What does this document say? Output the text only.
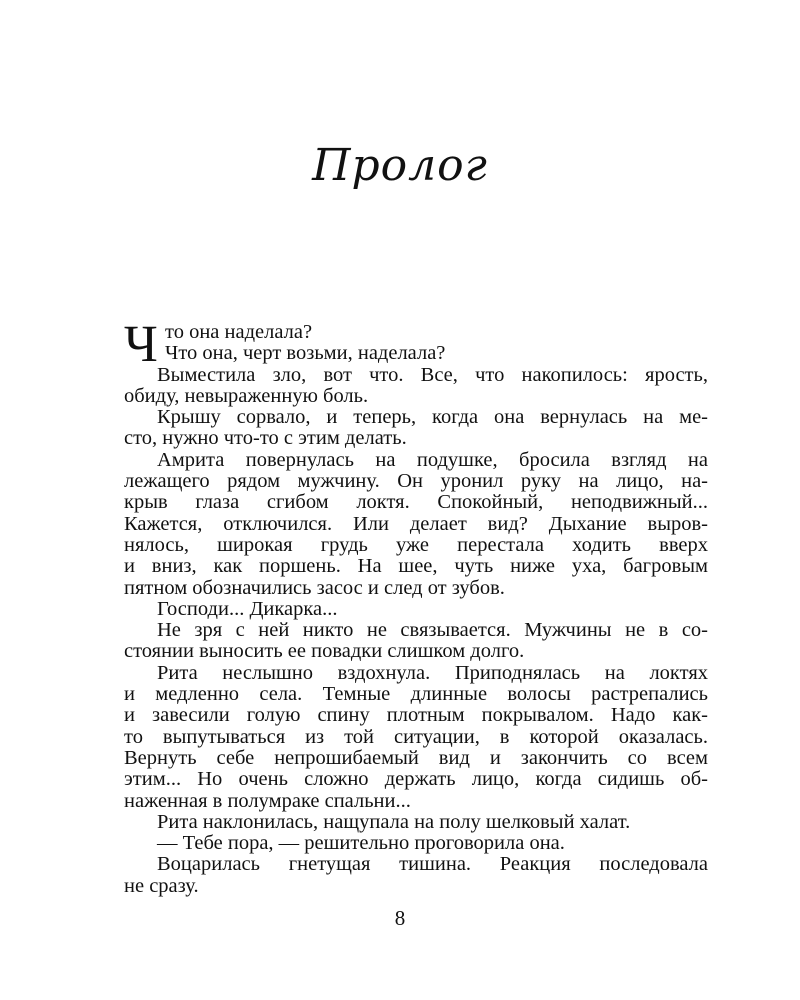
Пролог
Ч то она наделала?
Что она, черт возьми, наделала?
Выместила зло, вот что. Все, что накопилось: ярость,
обиду, невыраженную боль.
Крышу сорвало, и теперь, когда она вернулась на ме-
сто, нужно что-то с этим делать.
Амрита повернулась на подушке, бросила взгляд на
лежащего рядом мужчину. Он уронил руку на лицо, на-
крыв глаза сгибом локтя. Спокойный, неподвижный...
Кажется, отключился. Или делает вид? Дыхание выров-
нялось, широкая грудь уже перестала ходить вверх
и вниз, как поршень. На шее, чуть ниже уха, багровым
пятном обозначились засос и след от зубов.
Господи... Дикарка...
Не зря с ней никто не связывается. Мужчины не в со-
стоянии выносить ее повадки слишком долго.
Рита неслышно вздохнула. Приподнялась на локтях
и медленно села. Темные длинные волосы растрепались
и завесили голую спину плотным покрывалом. Надо как-
то выпутываться из той ситуации, в которой оказалась.
Вернуть себе непрошибаемый вид и закончить со всем
этим... Но очень сложно держать лицо, когда сидишь об-
наженная в полумраке спальни...
Рита наклонилась, нащупала на полу шелковый халат.
— Тебе пора, — решительно проговорила она.
Воцарилась гнетущая тишина. Реакция последовала
не сразу.
8
